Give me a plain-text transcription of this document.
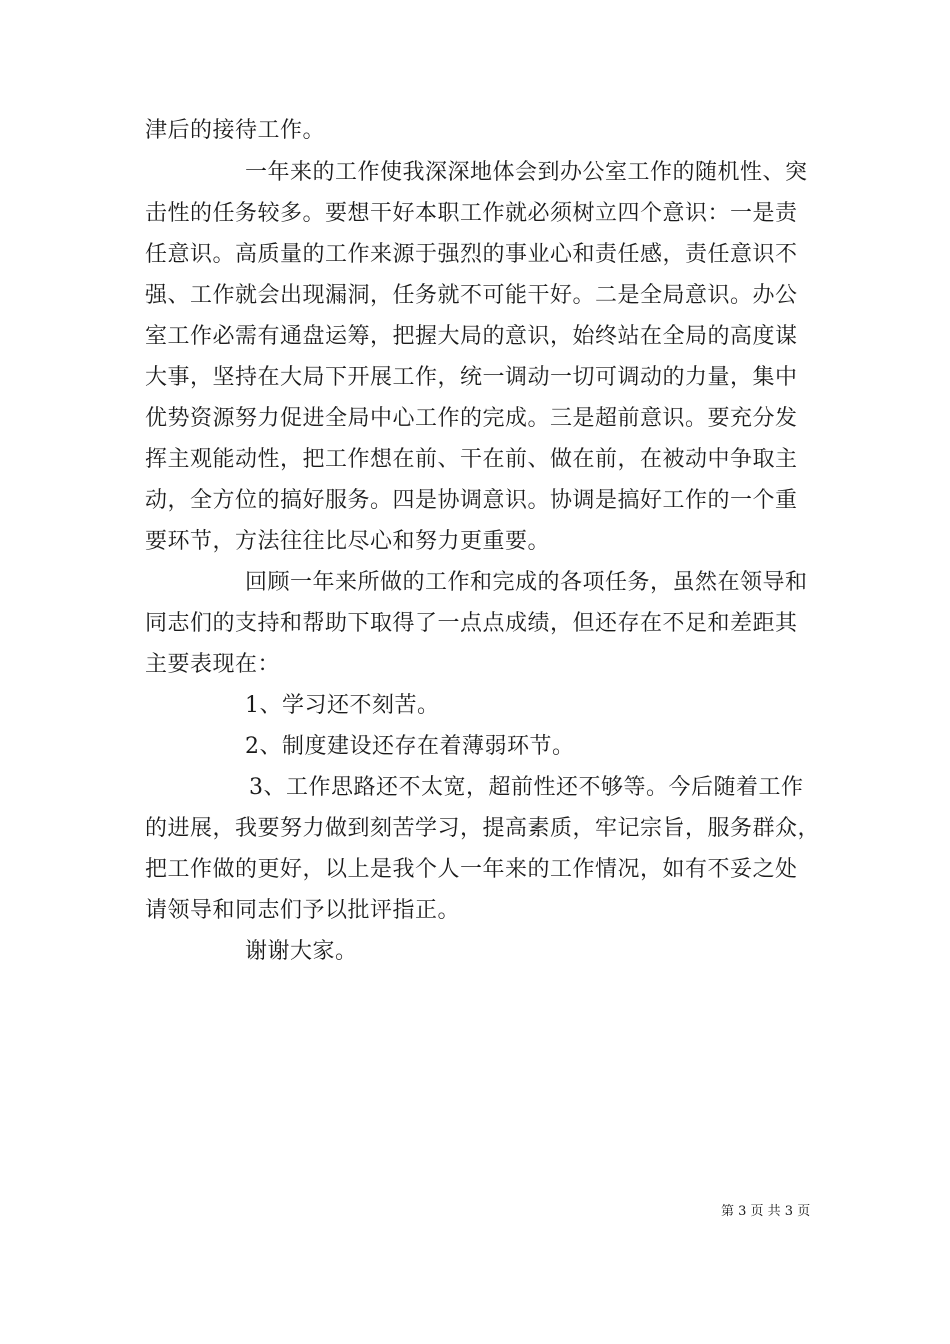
津后的接待工作。
一年来的工作使我深深地体会到办公室工作的随机性、突
击性的任务较多。要想干好本职工作就必须树立四个意识：一是责
任意识。高质量的工作来源于强烈的事业心和责任感，责任意识不
强、工作就会出现漏洞，任务就不可能干好。二是全局意识。办公
室工作必需有通盘运筹，把握大局的意识，始终站在全局的高度谋
大事，坚持在大局下开展工作，统一调动一切可调动的力量，集中
优势资源努力促进全局中心工作的完成。三是超前意识。要充分发
挥主观能动性，把工作想在前、干在前、做在前，在被动中争取主
动，全方位的搞好服务。四是协调意识。协调是搞好工作的一个重
要环节，方法往往比尽心和努力更重要。
回顾一年来所做的工作和完成的各项任务，虽然在领导和
同志们的支持和帮助下取得了一点点成绩，但还存在不足和差距其
主要表现在：
1、学习还不刻苦。
2、制度建设还存在着薄弱环节。
3、工作思路还不太宽，超前性还不够等。今后随着工作
的进展，我要努力做到刻苦学习，提高素质，牢记宗旨，服务群众，
把工作做的更好，以上是我个人一年来的工作情况，如有不妥之处
请领导和同志们予以批评指正。
谢谢大家。
第 3 页 共 3 页
